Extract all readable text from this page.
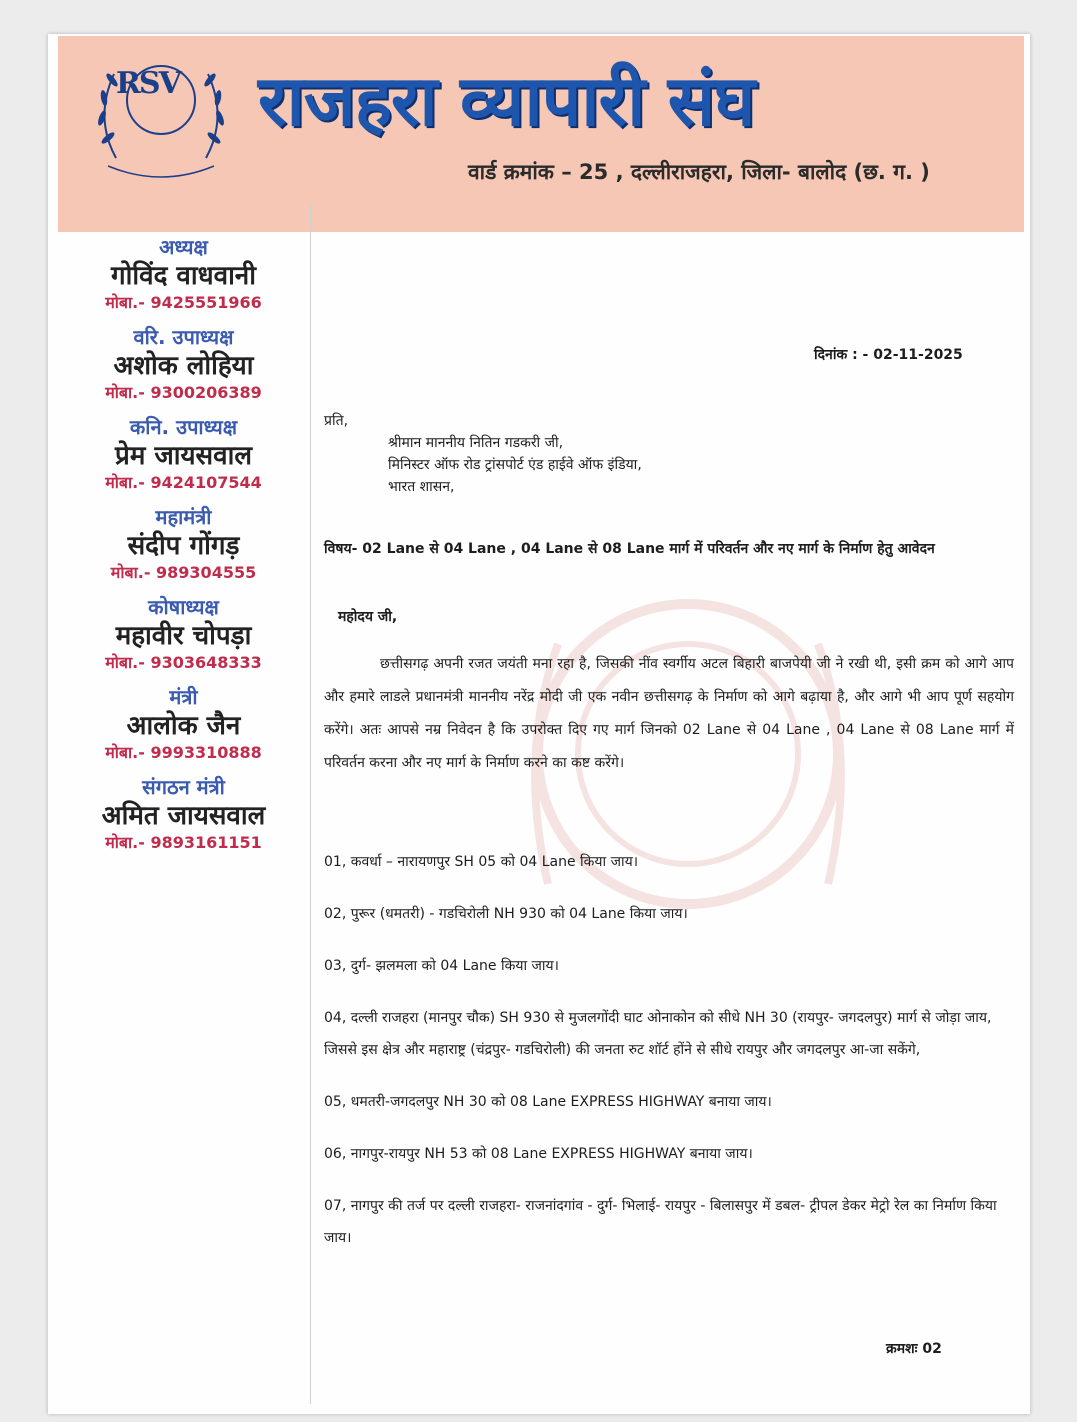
RSV राजहरा व्यापारी संघ
वार्ड क्रमांक – 25 , दल्लीराजहरा, जिला- बालोद (छ. ग. )
अध्यक्ष
गोविंद वाधवानी
मोबा.- 9425551966
वरि. उपाध्यक्ष
अशोक लोहिया
मोबा.- 9300206389
कनि. उपाध्यक्ष
प्रेम जायसवाल
मोबा.- 9424107544
महामंत्री
संदीप गोंगड़
मोबा.- 989304555
कोषाध्यक्ष
महावीर चोपड़ा
मोबा.- 9303648333
मंत्री
आलोक जैन
मोबा.- 9993310888
संगठन मंत्री
अमित जायसवाल
मोबा.- 9893161151
दिनांक : - 02-11-2025
प्रति,
श्रीमान माननीय नितिन गडकरी जी,
मिनिस्टर ऑफ रोड ट्रांसपोर्ट एंड हाईवे ऑफ इंडिया,
भारत शासन,
विषय- 02 Lane से 04 Lane , 04 Lane से 08 Lane मार्ग में परिवर्तन और नए मार्ग के निर्माण हेतु आवेदन
महोदय जी,

छत्तीसगढ़ अपनी रजत जयंती मना रहा है, जिसकी नींव स्वर्गीय अटल बिहारी बाजपेयी जी ने रखी थी, इसी क्रम को आगे आप और हमारे लाडले प्रधानमंत्री माननीय नरेंद्र मोदी जी एक नवीन छत्तीसगढ़ के निर्माण को आगे बढ़ाया है, और आगे भी आप पूर्ण सहयोग करेंगे। अतः आपसे नम्र निवेदन है कि उपरोक्त दिए गए मार्ग जिनको 02 Lane से 04 Lane , 04 Lane से 08 Lane मार्ग में परिवर्तन करना और नए मार्ग के निर्माण करने का कष्ट करेंगे।

01, कवर्धा – नारायणपुर SH 05 को 04 Lane किया जाय।
02, पुरूर (धमतरी) - गडचिरोली NH 930 को 04 Lane किया जाय।
03, दुर्ग- झलमला को 04 Lane किया जाय।
04, दल्ली राजहरा (मानपुर चौक) SH 930 से मुजलगोंदी घाट ओनाकोन को सीधे NH 30 (रायपुर- जगदलपुर) मार्ग से जोड़ा जाय, जिससे इस क्षेत्र और महाराष्ट्र (चंद्रपुर- गडचिरोली) की जनता रुट शॉर्ट होंने से सीधे रायपुर और जगदलपुर आ-जा सकेंगे,
05, धमतरी-जगदलपुर NH 30 को 08 Lane EXPRESS HIGHWAY बनाया जाय।
06, नागपुर-रायपुर NH 53 को 08 Lane EXPRESS HIGHWAY बनाया जाय।
07, नागपुर की तर्ज पर दल्ली राजहरा- राजनांदगांव - दुर्ग- भिलाई- रायपुर - बिलासपुर में डबल- ट्रीपल डेकर मेट्रो रेल का निर्माण किया जाय।
क्रमशः 02
